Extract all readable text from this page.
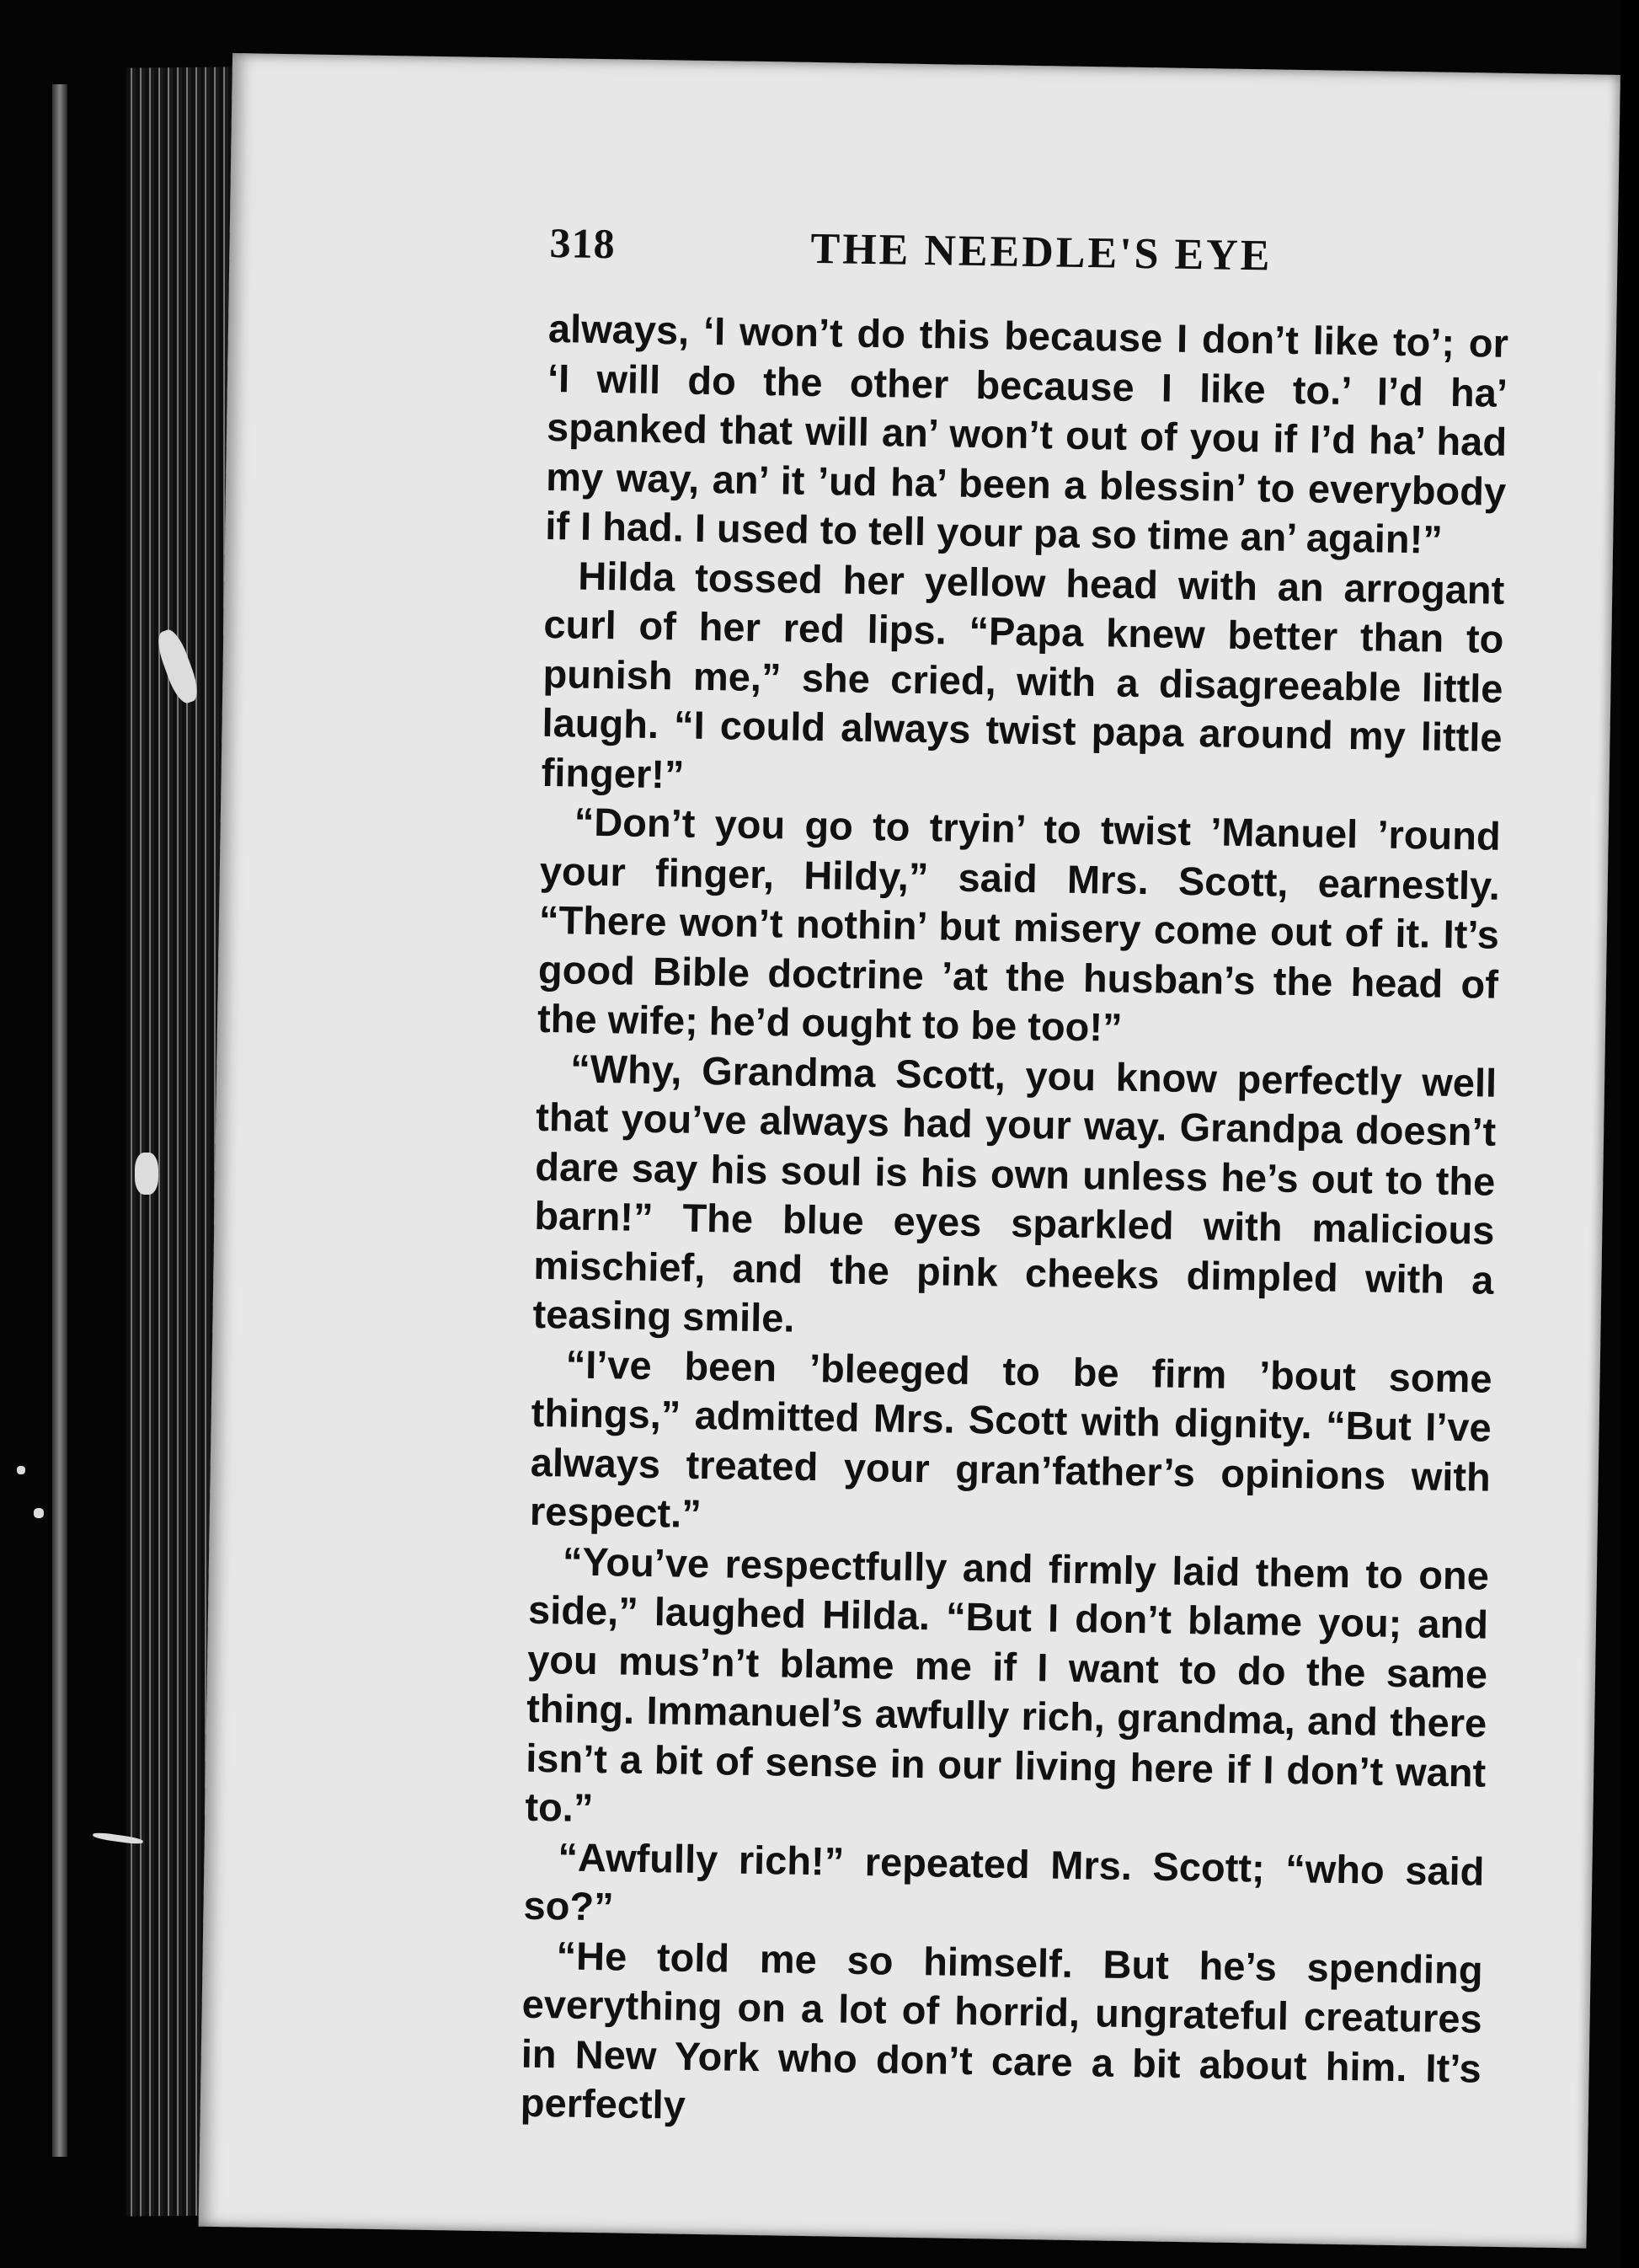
318	THE NEEDLE'S EYE

always, ‘I won’t do this because I don’t like to’; or ‘I will do the other because I like to.’ I’d ha’ spanked that will an’ won’t out of you if I’d ha’ had my way, an’ it ’ud ha’ been a blessin’ to everybody if I had. I used to tell your pa so time an’ again!”

Hilda tossed her yellow head with an arrogant curl of her red lips. “Papa knew better than to punish me,” she cried, with a disagreeable little laugh. “I could always twist papa around my little finger!”

“Don’t you go to tryin’ to twist ’Manuel ’round your finger, Hildy,” said Mrs. Scott, earnestly. “There won’t nothin’ but misery come out of it. It’s good Bible doctrine ’at the husban’s the head of the wife; he’d ought to be too!”

“Why, Grandma Scott, you know perfectly well that you’ve always had your way. Grandpa doesn’t dare say his soul is his own unless he’s out to the barn!” The blue eyes sparkled with malicious mischief, and the pink cheeks dimpled with a teasing smile.

“I’ve been ’bleeged to be firm ’bout some things,” admitted Mrs. Scott with dignity. “But I’ve always treated your gran’father’s opinions with respect.”

“You’ve respectfully and firmly laid them to one side,” laughed Hilda. “But I don’t blame you; and you mus’n’t blame me if I want to do the same thing. Immanuel’s awfully rich, grandma, and there isn’t a bit of sense in our living here if I don’t want to.”

“Awfully rich!” repeated Mrs. Scott; “who said so?”

“He told me so himself. But he’s spending everything on a lot of horrid, ungrateful creatures in New York who don’t care a bit about him. It’s perfectly
